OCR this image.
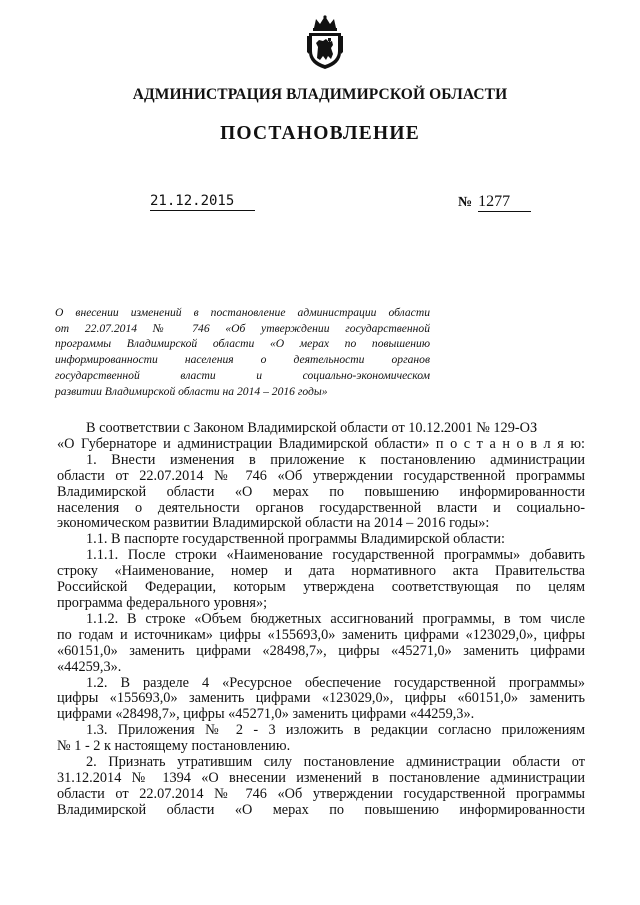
АДМИНИСТРАЦИЯ ВЛАДИМИРСКОЙ ОБЛАСТИ
ПОСТАНОВЛЕНИЕ
21.12.2015	№ 1277
О внесении изменений в постановление администрации области
от 22.07.2014 № 746 «Об утверждении государственной
программы Владимирской области «О мерах по повышению
информированности населения о деятельности органов
государственной власти и социально-экономическом
развитии Владимирской области на 2014 – 2016 годы»
В соответствии с Законом Владимирской области от 10.12.2001 № 129-ОЗ
«О Губернаторе и администрации Владимирской области» п о с т а н о в л я ю:
1. Внести изменения в приложение к постановлению администрации
области от 22.07.2014 № 746 «Об утверждении государственной программы
Владимирской области «О мерах по повышению информированности
населения о деятельности органов государственной власти и социально-
экономическом развитии Владимирской области на 2014 – 2016 годы»:
1.1. В паспорте государственной программы Владимирской области:
1.1.1. После строки «Наименование государственной программы» добавить
строку «Наименование, номер и дата нормативного акта Правительства
Российской Федерации, которым утверждена соответствующая по целям
программа федерального уровня»;
1.1.2. В строке «Объем бюджетных ассигнований программы, в том числе
по годам и источникам» цифры «155693,0» заменить цифрами «123029,0», цифры
«60151,0» заменить цифрами «28498,7», цифры «45271,0» заменить цифрами
«44259,3».
1.2. В разделе 4 «Ресурсное обеспечение государственной программы»
цифры «155693,0» заменить цифрами «123029,0», цифры «60151,0» заменить
цифрами «28498,7», цифры «45271,0» заменить цифрами «44259,3».
1.3. Приложения № 2 - 3 изложить в редакции согласно приложениям
№ 1 - 2 к настоящему постановлению.
2. Признать утратившим силу постановление администрации области от
31.12.2014 № 1394 «О внесении изменений в постановление администрации
области от 22.07.2014 № 746 «Об утверждении государственной программы
Владимирской области «О мерах по повышению информированности
